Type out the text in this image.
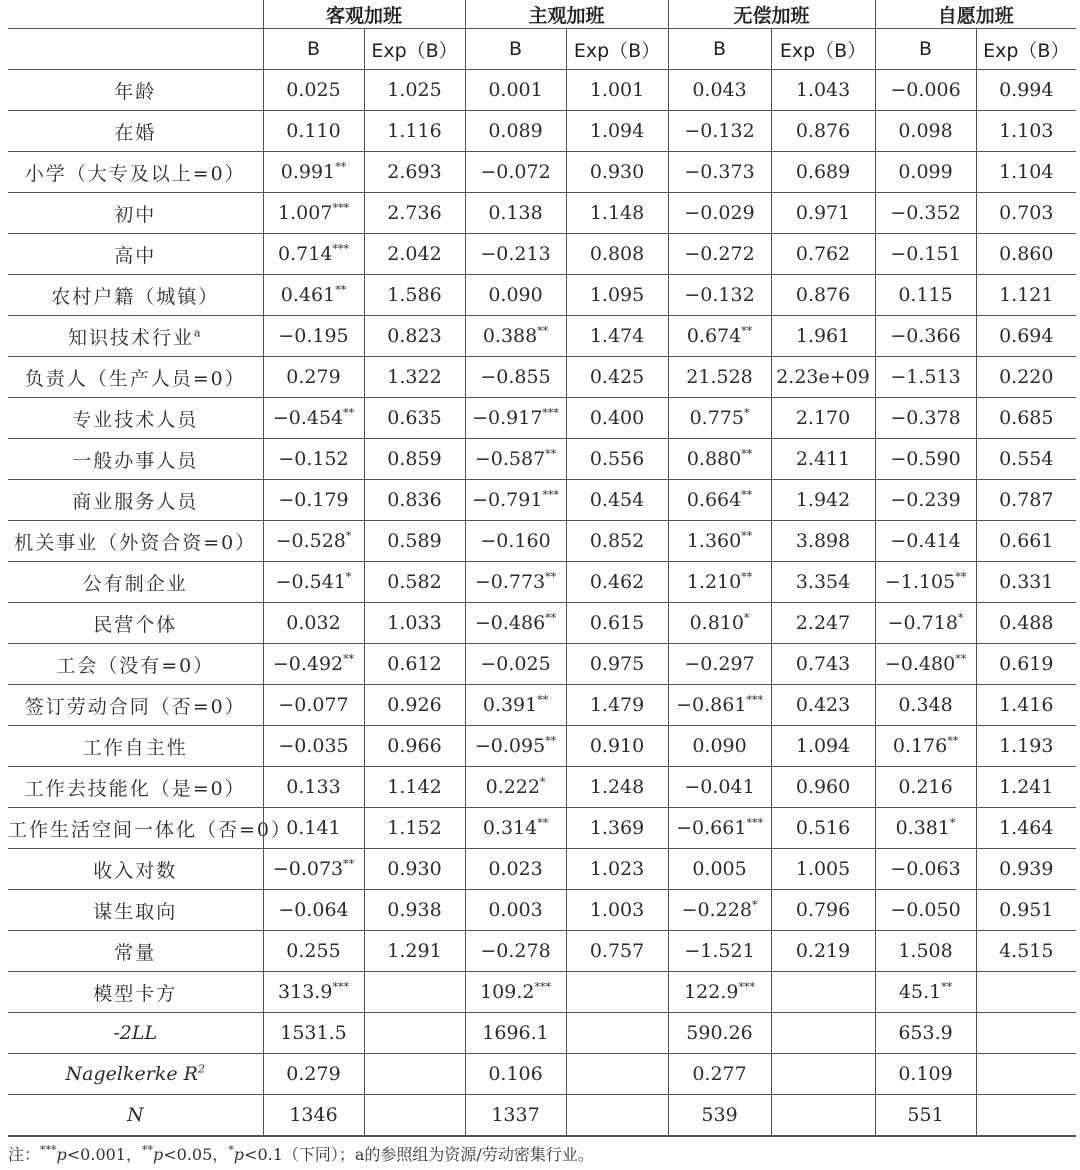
	客观加班		主观加班		无偿加班		自愿加班	
	B	Exp（B）	B	Exp（B）	B	Exp（B）	B	Exp（B）
年龄	0.025	1.025	0.001	1.001	0.043	1.043	−0.006	0.994
在婚	0.110	1.116	0.089	1.094	−0.132	0.876	0.098	1.103
小学（大专及以上=0）	0.991**	2.693	−0.072	0.930	−0.373	0.689	0.099	1.104
初中	1.007***	2.736	0.138	1.148	−0.029	0.971	−0.352	0.703
高中	0.714***	2.042	−0.213	0.808	−0.272	0.762	−0.151	0.860
农村户籍（城镇）	0.461**	1.586	0.090	1.095	−0.132	0.876	0.115	1.121
知识技术行业$^a$	−0.195	0.823	0.388**	1.474	0.674**	1.961	−0.366	0.694
负责人（生产人员=0）	0.279	1.322	−0.855	0.425	21.528	2.23e+09	−1.513	0.220
专业技术人员	−0.454**	0.635	−0.917***	0.400	0.775*	2.170	−0.378	0.685
一般办事人员	−0.152	0.859	−0.587**	0.556	0.880**	2.411	−0.590	0.554
商业服务人员	−0.179	0.836	−0.791***	0.454	0.664**	1.942	−0.239	0.787
机关事业（外资合资=0）	−0.528*	0.589	−0.160	0.852	1.360**	3.898	−0.414	0.661
公有制企业	−0.541*	0.582	−0.773**	0.462	1.210**	3.354	−1.105**	0.331
民营个体	0.032	1.033	−0.486**	0.615	0.810*	2.247	−0.718*	0.488
工会（没有=0）	−0.492**	0.612	−0.025	0.975	−0.297	0.743	−0.480**	0.619
签订劳动合同（否=0）	−0.077	0.926	0.391**	1.479	−0.861***	0.423	0.348	1.416
工作自主性	−0.035	0.966	−0.095**	0.910	0.090	1.094	0.176**	1.193
工作去技能化（是=0）	0.133	1.142	0.222*	1.248	−0.041	0.960	0.216	1.241
工作生活空间一体化（否=0）	0.141	1.152	0.314**	1.369	−0.661***	0.516	0.381*	1.464
收入对数	−0.073**	0.930	0.023	1.023	0.005	1.005	−0.063	0.939
谋生取向	−0.064	0.938	0.003	1.003	−0.228*	0.796	−0.050	0.951
常量	0.255	1.291	−0.278	0.757	−1.521	0.219	1.508	4.515
模型卡方	313.9***		109.2***		122.9***		45.1**	
-2LL	1531.5		1696.1		590.26		653.9	
Nagelkerke $R^2$	0.279		0.106		0.277		0.109	
N	1346		1337		539		551	
注：***p<0.001，**p<0.05，*p<0.1（下同）；a的参照组为资源/劳动密集行业。
